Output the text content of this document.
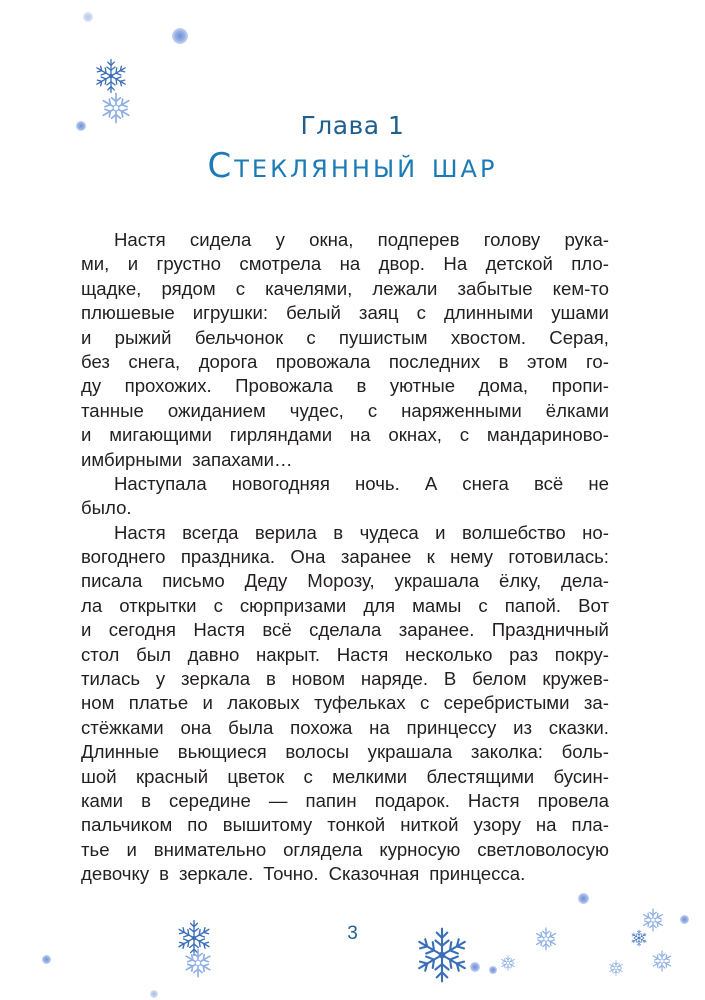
Глава 1
Стеклянный шар
Настя сидела у окна, подперев голову рука-
ми, и грустно смотрела на двор. На детской пло-
щадке, рядом с качелями, лежали забытые кем-то
плюшевые игрушки: белый заяц с длинными ушами
и рыжий бельчонок с пушистым хвостом. Серая,
без снега, дорога провожала последних в этом го-
ду прохожих. Провожала в уютные дома, пропи-
танные ожиданием чудес, с наряженными ёлками
и мигающими гирляндами на окнах, с мандариново-
имбирными запахами…
Наступала новогодняя ночь. А снега всё не
было.
Настя всегда верила в чудеса и волшебство но-
вогоднего праздника. Она заранее к нему готовилась:
писала письмо Деду Морозу, украшала ёлку, дела-
ла открытки с сюрпризами для мамы с папой. Вот
и сегодня Настя всё сделала заранее. Праздничный
стол был давно накрыт. Настя несколько раз покру-
тилась у зеркала в новом наряде. В белом кружев-
ном платье и лаковых туфельках с серебристыми за-
стёжками она была похожа на принцессу из сказки.
Длинные вьющиеся волосы украшала заколка: боль-
шой красный цветок с мелкими блестящими бусин-
ками в середине — папин подарок. Настя провела
пальчиком по вышитому тонкой ниткой узору на пла-
тье и внимательно оглядела курносую светловолосую
девочку в зеркале. Точно. Сказочная принцесса.
3
